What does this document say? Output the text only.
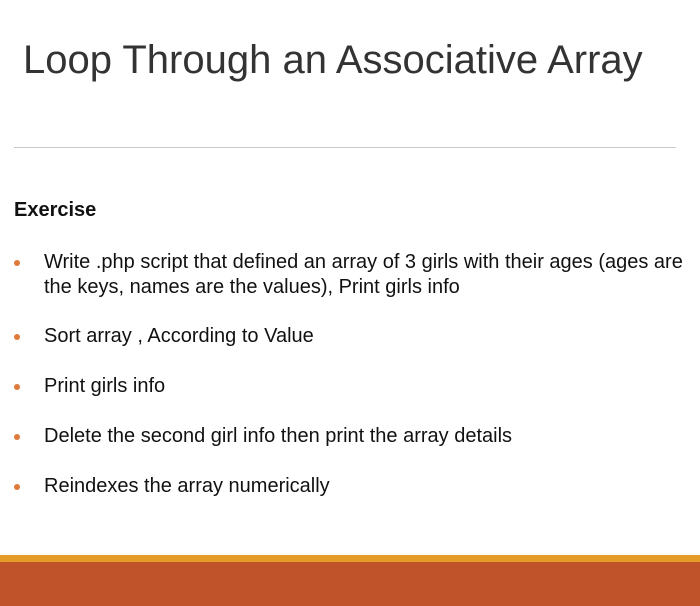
Loop Through an Associative Array
Exercise
Write .php script that defined an array of 3 girls with their ages (ages are the keys, names are the values), Print girls info
Sort array , According to Value
Print girls info
Delete the second girl info then print the array details
Reindexes the array numerically
